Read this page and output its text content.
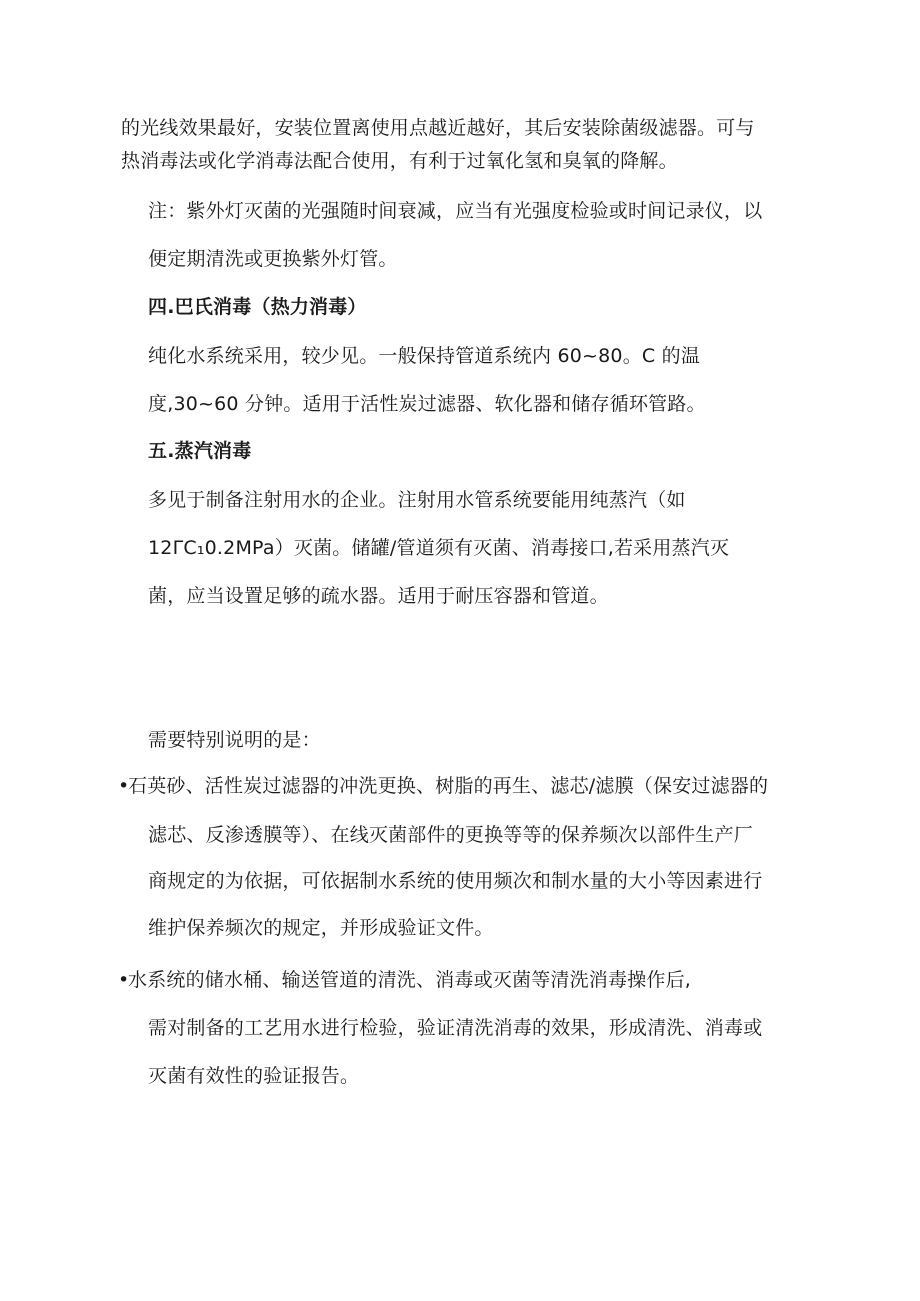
的光线效果最好，安装位置离使用点越近越好，其后安装除菌级滤器。可与
热消毒法或化学消毒法配合使用，有利于过氧化氢和臭氧的降解。
注：紫外灯灭菌的光强随时间衰减，应当有光强度检验或时间记录仪，以
便定期清洗或更换紫外灯管。
四.巴氏消毒（热力消毒）
纯化水系统采用，较少见。一般保持管道系统内 60~80。C 的温
度,30~60 分钟。适用于活性炭过滤器、软化器和储存循环管路。
五.蒸汽消毒
多见于制备注射用水的企业。注射用水管系统要能用纯蒸汽（如
12ΓC₁0.2MPa）灭菌。储罐/管道须有灭菌、消毒接口,若采用蒸汽灭
菌，应当设置足够的疏水器。适用于耐压容器和管道。
需要特别说明的是：
•
石英砂、活性炭过滤器的冲洗更换、树脂的再生、滤芯/滤膜（保安过滤器的
滤芯、反渗透膜等）、在线灭菌部件的更换等等的保养频次以部件生产厂
商规定的为依据，可依据制水系统的使用频次和制水量的大小等因素进行
维护保养频次的规定，并形成验证文件。
•
水系统的储水桶、输送管道的清洗、消毒或灭菌等清洗消毒操作后,
需对制备的工艺用水进行检验，验证清洗消毒的效果，形成清洗、消毒或
灭菌有效性的验证报告。
